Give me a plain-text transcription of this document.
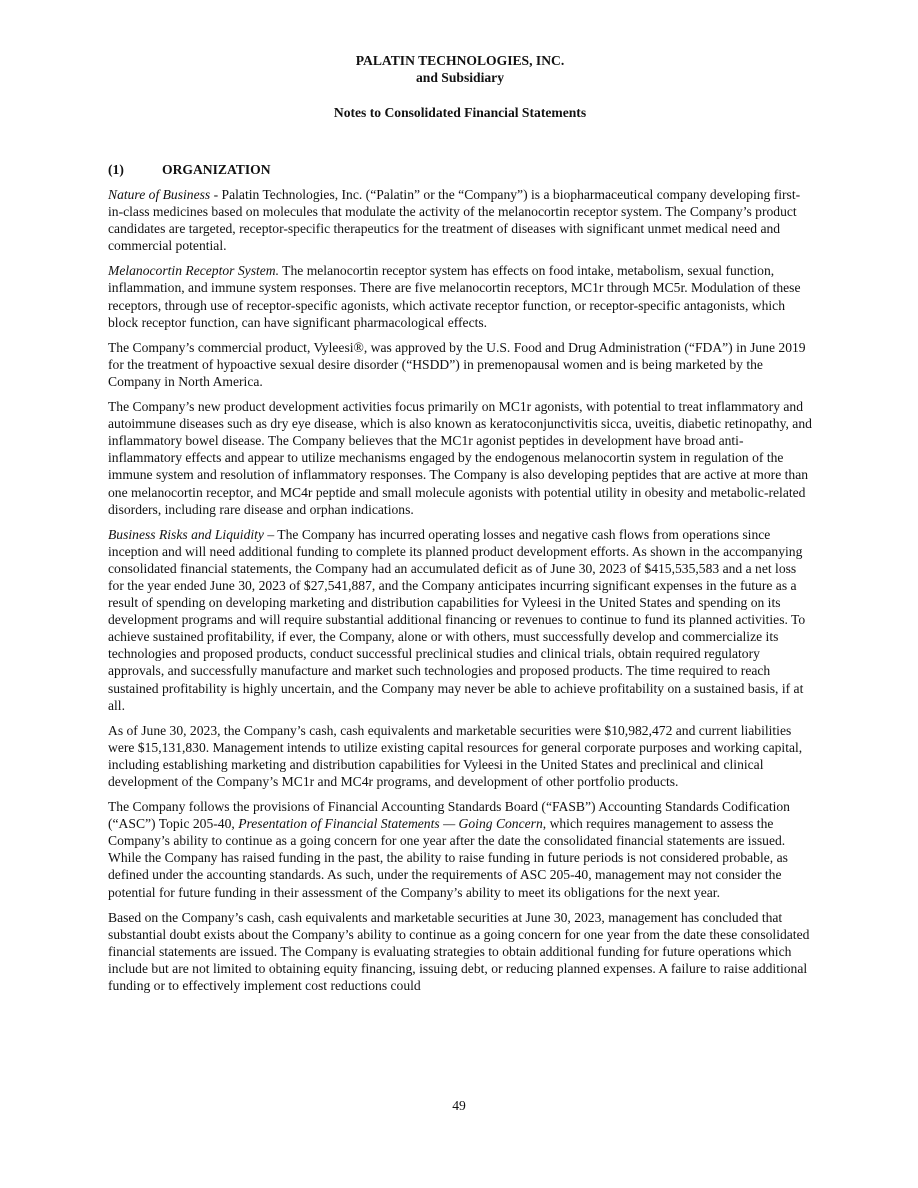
PALATIN TECHNOLOGIES, INC.
and Subsidiary
Notes to Consolidated Financial Statements
(1)	ORGANIZATION

Nature of Business - Palatin Technologies, Inc. (“Palatin” or the “Company”) is a biopharmaceutical company developing first-in-class medicines based on molecules that modulate the activity of the melanocortin receptor system. The Company’s product candidates are targeted, receptor-specific therapeutics for the treatment of diseases with significant unmet medical need and commercial potential.

Melanocortin Receptor System. The melanocortin receptor system has effects on food intake, metabolism, sexual function, inflammation, and immune system responses. There are five melanocortin receptors, MC1r through MC5r. Modulation of these receptors, through use of receptor-specific agonists, which activate receptor function, or receptor-specific antagonists, which block receptor function, can have significant pharmacological effects.

The Company’s commercial product, Vyleesi®, was approved by the U.S. Food and Drug Administration (“FDA”) in June 2019 for the treatment of hypoactive sexual desire disorder (“HSDD”) in premenopausal women and is being marketed by the Company in North America.

The Company’s new product development activities focus primarily on MC1r agonists, with potential to treat inflammatory and autoimmune diseases such as dry eye disease, which is also known as keratoconjunctivitis sicca, uveitis, diabetic retinopathy, and inflammatory bowel disease. The Company believes that the MC1r agonist peptides in development have broad anti-inflammatory effects and appear to utilize mechanisms engaged by the endogenous melanocortin system in regulation of the immune system and resolution of inflammatory responses. The Company is also developing peptides that are active at more than one melanocortin receptor, and MC4r peptide and small molecule agonists with potential utility in obesity and metabolic-related disorders, including rare disease and orphan indications.

Business Risks and Liquidity – The Company has incurred operating losses and negative cash flows from operations since inception and will need additional funding to complete its planned product development efforts. As shown in the accompanying consolidated financial statements, the Company had an accumulated deficit as of June 30, 2023 of $415,535,583 and a net loss for the year ended June 30, 2023 of $27,541,887, and the Company anticipates incurring significant expenses in the future as a result of spending on developing marketing and distribution capabilities for Vyleesi in the United States and spending on its development programs and will require substantial additional financing or revenues to continue to fund its planned activities. To achieve sustained profitability, if ever, the Company, alone or with others, must successfully develop and commercialize its technologies and proposed products, conduct successful preclinical studies and clinical trials, obtain required regulatory approvals, and successfully manufacture and market such technologies and proposed products. The time required to reach sustained profitability is highly uncertain, and the Company may never be able to achieve profitability on a sustained basis, if at all.

As of June 30, 2023, the Company’s cash, cash equivalents and marketable securities were $10,982,472 and current liabilities were $15,131,830. Management intends to utilize existing capital resources for general corporate purposes and working capital, including establishing marketing and distribution capabilities for Vyleesi in the United States and preclinical and clinical development of the Company’s MC1r and MC4r programs, and development of other portfolio products.

The Company follows the provisions of Financial Accounting Standards Board (“FASB”) Accounting Standards Codification (“ASC”) Topic 205-40, Presentation of Financial Statements — Going Concern, which requires management to assess the Company’s ability to continue as a going concern for one year after the date the consolidated financial statements are issued. While the Company has raised funding in the past, the ability to raise funding in future periods is not considered probable, as defined under the accounting standards. As such, under the requirements of ASC 205-40, management may not consider the potential for future funding in their assessment of the Company’s ability to meet its obligations for the next year.

Based on the Company’s cash, cash equivalents and marketable securities at June 30, 2023, management has concluded that substantial doubt exists about the Company’s ability to continue as a going concern for one year from the date these consolidated financial statements are issued. The Company is evaluating strategies to obtain additional funding for future operations which include but are not limited to obtaining equity financing, issuing debt, or reducing planned expenses. A failure to raise additional funding or to effectively implement cost reductions could

49
